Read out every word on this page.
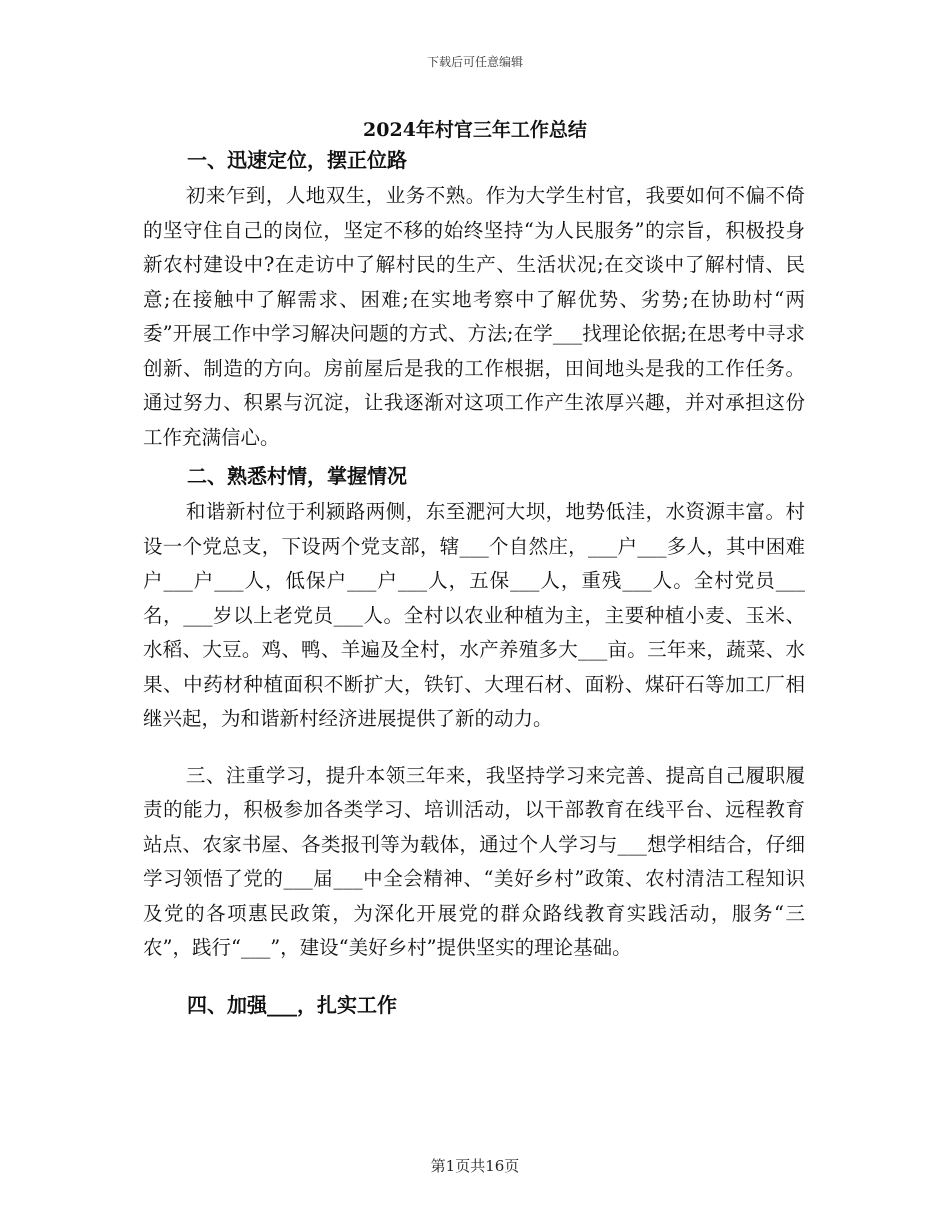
下载后可任意编辑
2024年村官三年工作总结
一、迅速定位，摆正位路

初来乍到，人地双生，业务不熟。作为大学生村官，我要如何不偏不倚的坚守住自己的岗位，坚定不移的始终坚持“为人民服务”的宗旨，积极投身新农村建设中?在走访中了解村民的生产、生活状况;在交谈中了解村情、民意;在接触中了解需求、困难;在实地考察中了解优势、劣势;在协助村“两委”开展工作中学习解决问题的方式、方法;在学___找理论依据;在思考中寻求创新、制造的方向。房前屋后是我的工作根据，田间地头是我的工作任务。通过努力、积累与沉淀，让我逐渐对这项工作产生浓厚兴趣，并对承担这份工作充满信心。

二、熟悉村情，掌握情况

和谐新村位于利颍路两侧，东至淝河大坝，地势低洼，水资源丰富。村设一个党总支，下设两个党支部，辖___个自然庄，___户___多人，其中困难户___户___人，低保户___户___人，五保___人，重残___人。全村党员___名，___岁以上老党员___人。全村以农业种植为主，主要种植小麦、玉米、水稻、大豆。鸡、鸭、羊遍及全村，水产养殖多大___亩。三年来，蔬菜、水果、中药材种植面积不断扩大，铁钉、大理石材、面粉、煤矸石等加工厂相继兴起，为和谐新村经济进展提供了新的动力。

三、注重学习，提升本领三年来，我坚持学习来完善、提高自己履职履责的能力，积极参加各类学习、培训活动，以干部教育在线平台、远程教育站点、农家书屋、各类报刊等为载体，通过个人学习与___想学相结合，仔细学习领悟了党的___届___中全会精神、“美好乡村”政策、农村清洁工程知识及党的各项惠民政策，为深化开展党的群众路线教育实践活动，服务“三农”，践行“___”，建设“美好乡村”提供坚实的理论基础。

四、加强___，扎实工作
第1页共16页
